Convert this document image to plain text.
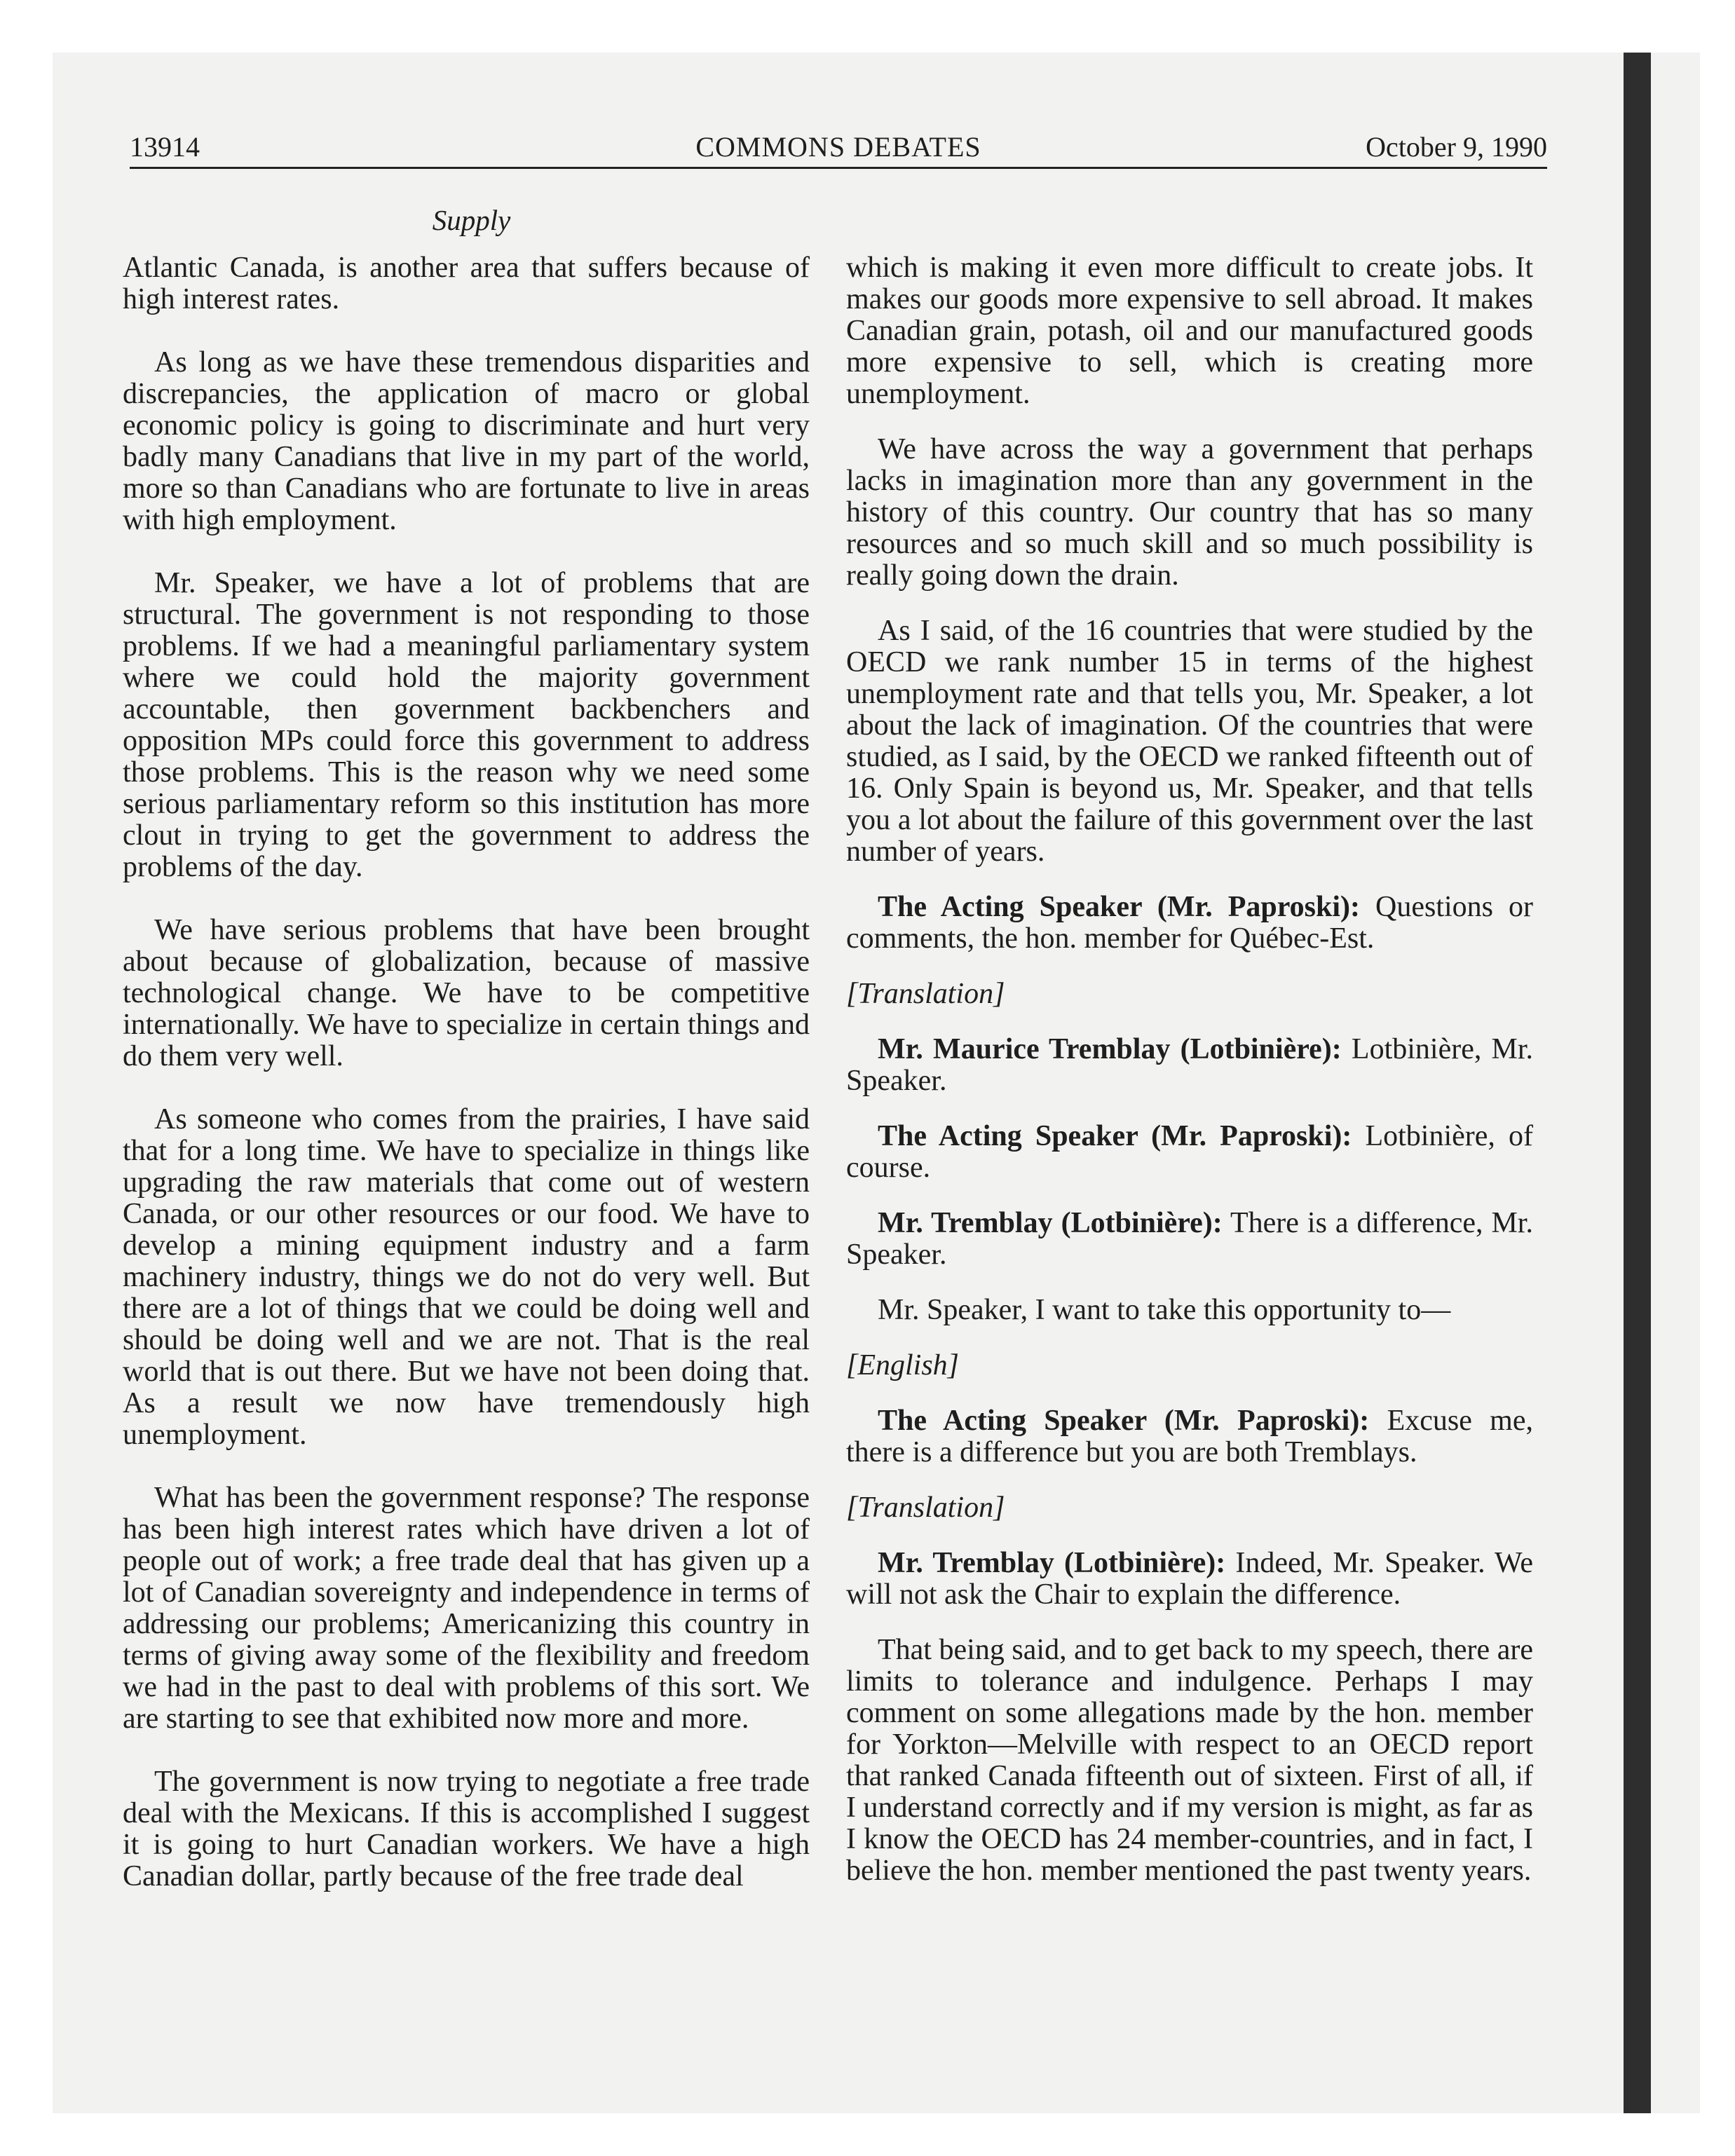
13914	COMMONS DEBATES	October 9, 1990
Supply

Atlantic Canada, is another area that suffers because of high interest rates.

As long as we have these tremendous disparities and discrepancies, the application of macro or global economic policy is going to discriminate and hurt very badly many Canadians that live in my part of the world, more so than Canadians who are fortunate to live in areas with high employment.

Mr. Speaker, we have a lot of problems that are structural. The government is not responding to those problems. If we had a meaningful parliamentary system where we could hold the majority government accountable, then government backbenchers and opposition MPs could force this government to address those problems. This is the reason why we need some serious parliamentary reform so this institution has more clout in trying to get the government to address the problems of the day.

We have serious problems that have been brought about because of globalization, because of massive technological change. We have to be competitive internationally. We have to specialize in certain things and do them very well.

As someone who comes from the prairies, I have said that for a long time. We have to specialize in things like upgrading the raw materials that come out of western Canada, or our other resources or our food. We have to develop a mining equipment industry and a farm machinery industry, things we do not do very well. But there are a lot of things that we could be doing well and should be doing well and we are not. That is the real world that is out there. But we have not been doing that. As a result we now have tremendously high unemployment.

What has been the government response? The response has been high interest rates which have driven a lot of people out of work; a free trade deal that has given up a lot of Canadian sovereignty and independence in terms of addressing our problems; Americanizing this country in terms of giving away some of the flexibility and freedom we had in the past to deal with problems of this sort. We are starting to see that exhibited now more and more.

The government is now trying to negotiate a free trade deal with the Mexicans. If this is accomplished I suggest it is going to hurt Canadian workers. We have a high Canadian dollar, partly because of the free trade deal

which is making it even more difficult to create jobs. It makes our goods more expensive to sell abroad. It makes Canadian grain, potash, oil and our manufactured goods more expensive to sell, which is creating more unemployment.

We have across the way a government that perhaps lacks in imagination more than any government in the history of this country. Our country that has so many resources and so much skill and so much possibility is really going down the drain.

As I said, of the 16 countries that were studied by the OECD we rank number 15 in terms of the highest unemployment rate and that tells you, Mr. Speaker, a lot about the lack of imagination. Of the countries that were studied, as I said, by the OECD we ranked fifteenth out of 16. Only Spain is beyond us, Mr. Speaker, and that tells you a lot about the failure of this government over the last number of years.

The Acting Speaker (Mr. Paproski): Questions or comments, the hon. member for Québec-Est.

[Translation]

Mr. Maurice Tremblay (Lotbinière): Lotbinière, Mr. Speaker.

The Acting Speaker (Mr. Paproski): Lotbinière, of course.

Mr. Tremblay (Lotbinière): There is a difference, Mr. Speaker.

Mr. Speaker, I want to take this opportunity to—

[English]

The Acting Speaker (Mr. Paproski): Excuse me, there is a difference but you are both Tremblays.

[Translation]

Mr. Tremblay (Lotbinière): Indeed, Mr. Speaker. We will not ask the Chair to explain the difference.

That being said, and to get back to my speech, there are limits to tolerance and indulgence. Perhaps I may comment on some allegations made by the hon. member for Yorkton—Melville with respect to an OECD report that ranked Canada fifteenth out of sixteen. First of all, if I understand correctly and if my version is might, as far as I know the OECD has 24 member-countries, and in fact, I believe the hon. member mentioned the past twenty years.
